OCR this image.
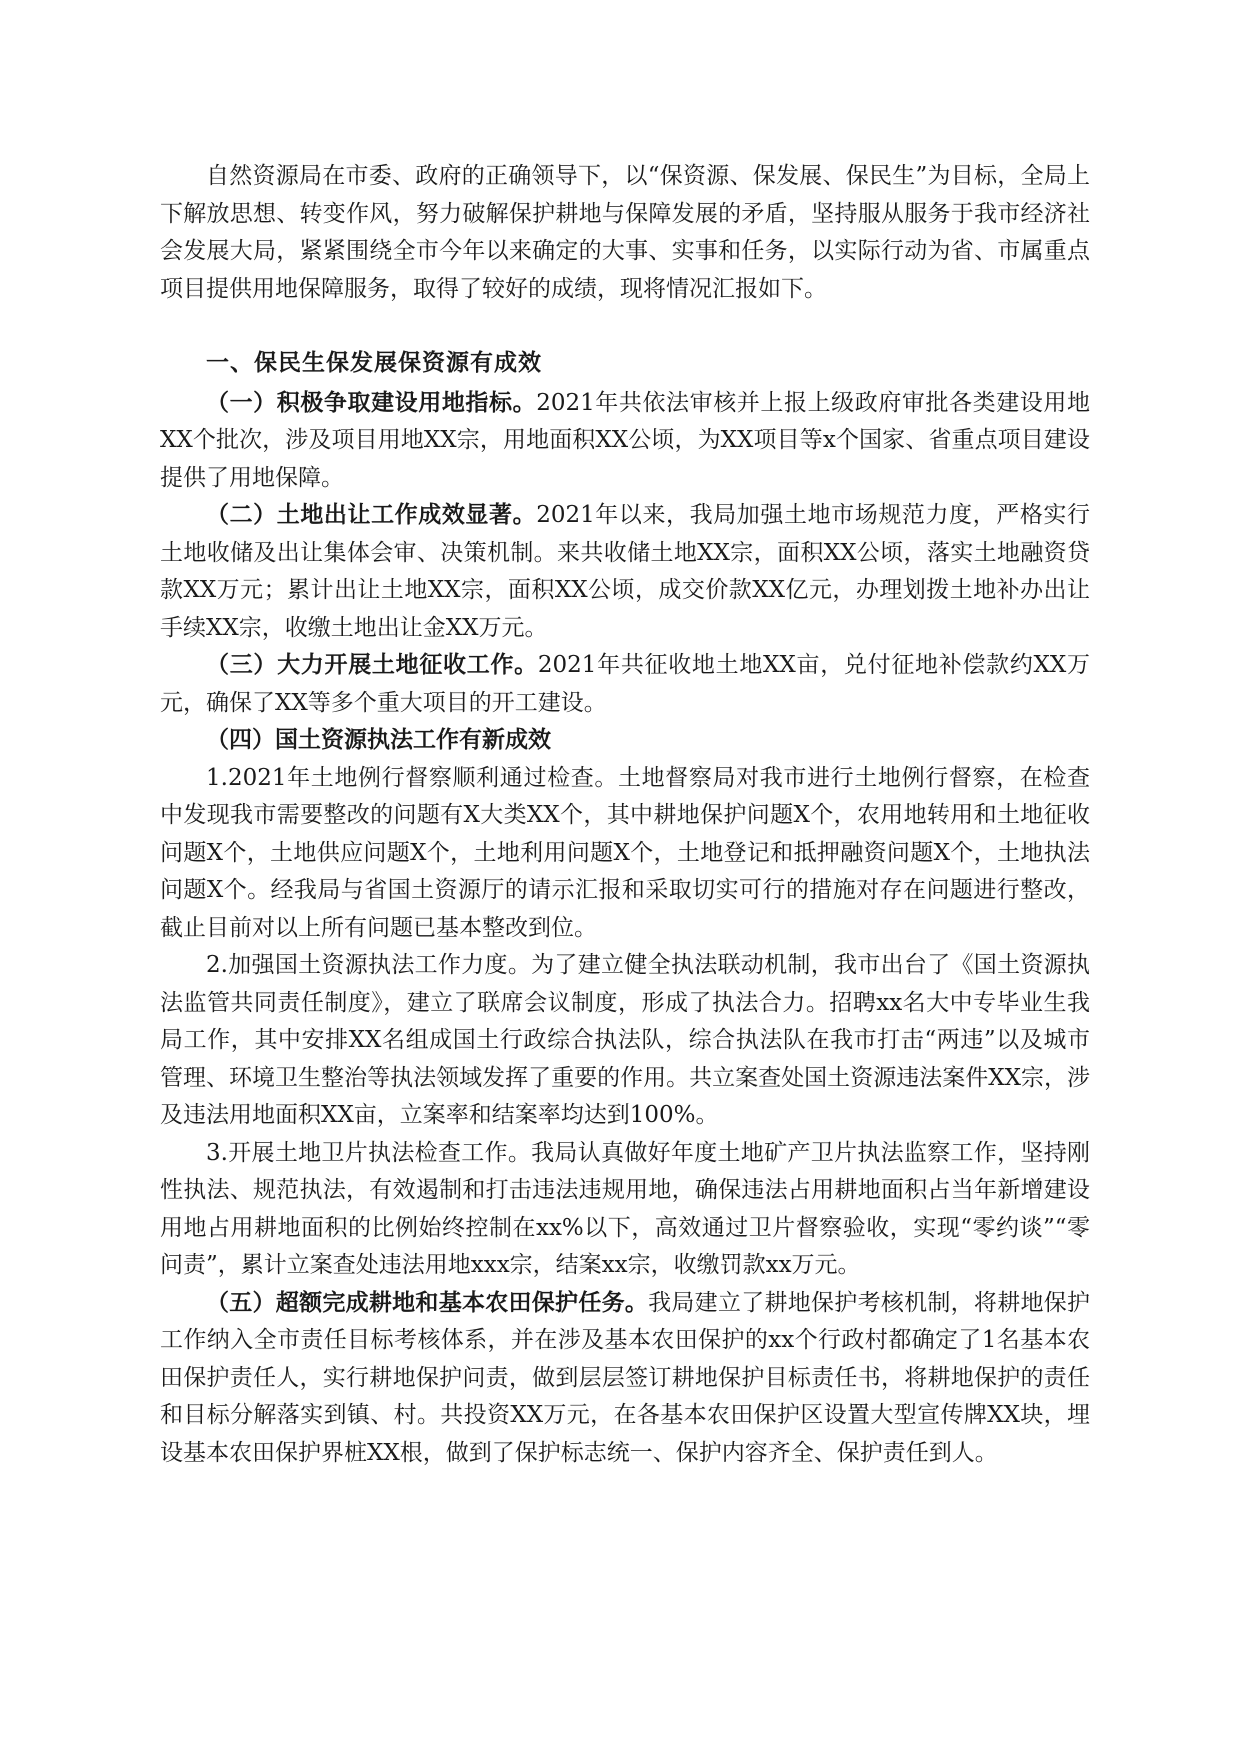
自然资源局在市委、政府的正确领导下，以“保资源、保发展、保民生”为目标，全局上下解放思想、转变作风，努力破解保护耕地与保障发展的矛盾，坚持服从服务于我市经济社会发展大局，紧紧围绕全市今年以来确定的大事、实事和任务，以实际行动为省、市属重点项目提供用地保障服务，取得了较好的成绩，现将情况汇报如下。

一、保民生保发展保资源有成效

（一）积极争取建设用地指标。2021年共依法审核并上报上级政府审批各类建设用地XX个批次，涉及项目用地XX宗，用地面积XX公顷，为XX项目等x个国家、省重点项目建设提供了用地保障。

（二）土地出让工作成效显著。2021年以来，我局加强土地市场规范力度，严格实行土地收储及出让集体会审、决策机制。来共收储土地XX宗，面积XX公顷，落实土地融资贷款XX万元；累计出让土地XX宗，面积XX公顷，成交价款XX亿元，办理划拨土地补办出让手续XX宗，收缴土地出让金XX万元。

（三）大力开展土地征收工作。2021年共征收地土地XX亩，兑付征地补偿款约XX万元，确保了XX等多个重大项目的开工建设。

（四）国土资源执法工作有新成效

1.2021年土地例行督察顺利通过检查。土地督察局对我市进行土地例行督察，在检查中发现我市需要整改的问题有X大类XX个，其中耕地保护问题X个，农用地转用和土地征收问题X个，土地供应问题X个，土地利用问题X个，土地登记和抵押融资问题X个，土地执法问题X个。经我局与省国土资源厅的请示汇报和采取切实可行的措施对存在问题进行整改，截止目前对以上所有问题已基本整改到位。

2.加强国土资源执法工作力度。为了建立健全执法联动机制，我市出台了《国土资源执法监管共同责任制度》，建立了联席会议制度，形成了执法合力。招聘xx名大中专毕业生我局工作，其中安排XX名组成国土行政综合执法队，综合执法队在我市打击“两违”以及城市管理、环境卫生整治等执法领域发挥了重要的作用。共立案查处国土资源违法案件XX宗，涉及违法用地面积XX亩，立案率和结案率均达到100%。

3.开展土地卫片执法检查工作。我局认真做好年度土地矿产卫片执法监察工作，坚持刚性执法、规范执法，有效遏制和打击违法违规用地，确保违法占用耕地面积占当年新增建设用地占用耕地面积的比例始终控制在xx%以下，高效通过卫片督察验收，实现“零约谈”“零问责”，累计立案查处违法用地xxx宗，结案xx宗，收缴罚款xx万元。

（五）超额完成耕地和基本农田保护任务。我局建立了耕地保护考核机制，将耕地保护工作纳入全市责任目标考核体系，并在涉及基本农田保护的xx个行政村都确定了1名基本农田保护责任人，实行耕地保护问责，做到层层签订耕地保护目标责任书，将耕地保护的责任和目标分解落实到镇、村。共投资XX万元，在各基本农田保护区设置大型宣传牌XX块，埋设基本农田保护界桩XX根，做到了保护标志统一、保护内容齐全、保护责任到人。
